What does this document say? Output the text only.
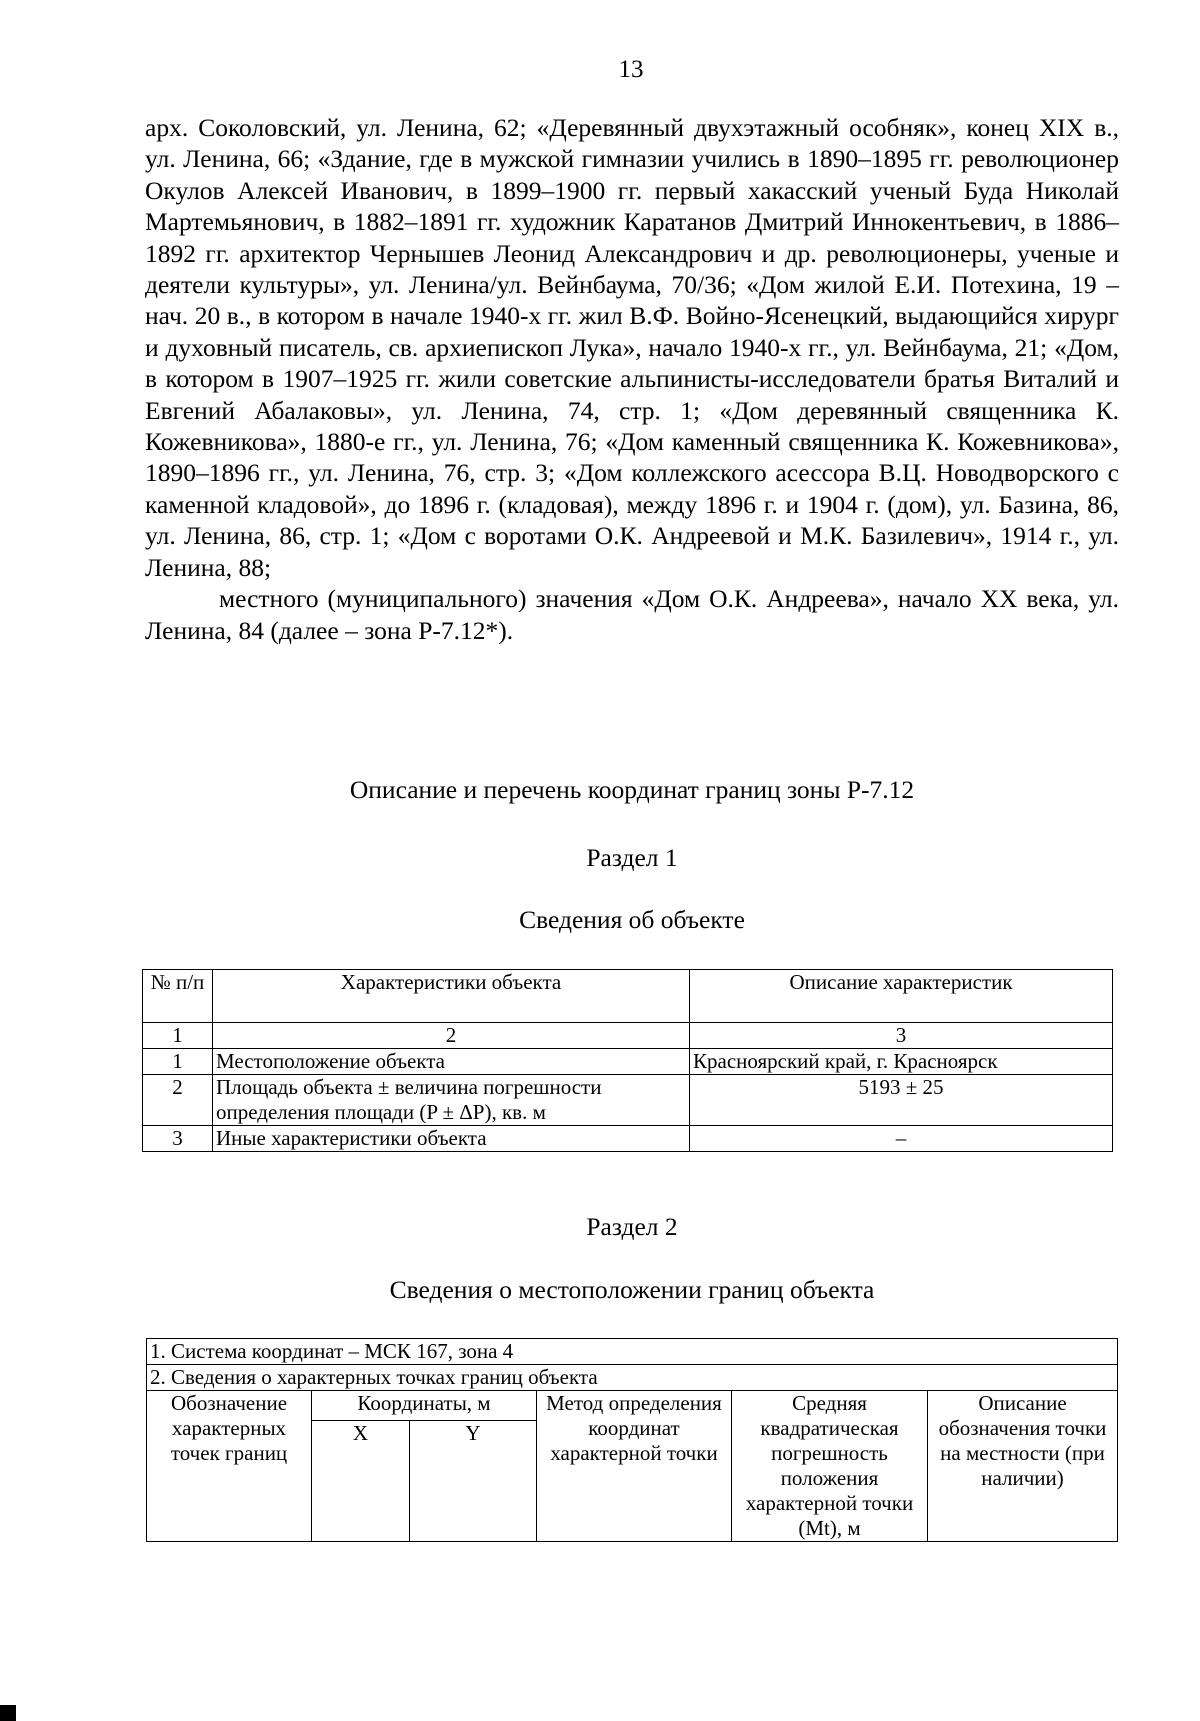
13

арх. Соколовский, ул. Ленина, 62; «Деревянный двухэтажный особняк», конец XIX в., ул. Ленина, 66; «Здание, где в мужской гимназии учились в 1890–1895 гг. революционер Окулов Алексей Иванович, в 1899–1900 гг. первый хакасский ученый Буда Николай Мартемьянович, в 1882–1891 гг. художник Каратанов Дмитрий Иннокентьевич, в 1886–1892 гг. архитектор Чернышев Леонид Александрович и др. революционеры, ученые и деятели культуры», ул. Ленина/ул. Вейнбаума, 70/36; «Дом жилой Е.И. Потехина, 19 – нач. 20 в., в котором в начале 1940-х гг. жил В.Ф. Войно-Ясенецкий, выдающийся хирург и духовный писатель, св. архиепископ Лука», начало 1940-х гг., ул. Вейнбаума, 21; «Дом, в котором в 1907–1925 гг. жили советские альпинисты-исследователи братья Виталий и Евгений Абалаковы», ул. Ленина, 74, стр. 1; «Дом деревянный священника К. Кожевникова», 1880-е гг., ул. Ленина, 76; «Дом каменный священника К. Кожевникова», 1890–1896 гг., ул. Ленина, 76, стр. 3; «Дом коллежского асессора В.Ц. Новодворского с каменной кладовой», до 1896 г. (кладовая), между 1896 г. и 1904 г. (дом), ул. Базина, 86, ул. Ленина, 86, стр. 1; «Дом с воротами О.К. Андреевой и М.К. Базилевич», 1914 г., ул. Ленина, 88;

местного (муниципального) значения «Дом О.К. Андреева», начало XX века, ул. Ленина, 84 (далее – зона Р-7.12*).

Описание и перечень координат границ зоны Р-7.12
Раздел 1
Сведения об объекте
№ п/п	Характеристики объекта	Описание характеристик
1	2	3
1	Местоположение объекта	Красноярский край, г. Красноярск
2	Площадь объекта ± величина погрешности определения площади (P ± ΔP), кв. м	5193 ± 25
3	Иные характеристики объекта	–
Раздел 2
Сведения о местоположении границ объекта
1. Система координат – МСК 167, зона 4					
2. Сведения о характерных точках границ объекта					
Обозначение характерных точек границ	Координаты, м		Метод определения координат характерной точки	Средняя квадратическая погрешность положения характерной точки (Mt), м	Описание обозначения точки на местности (при наличии)
	X	Y			
